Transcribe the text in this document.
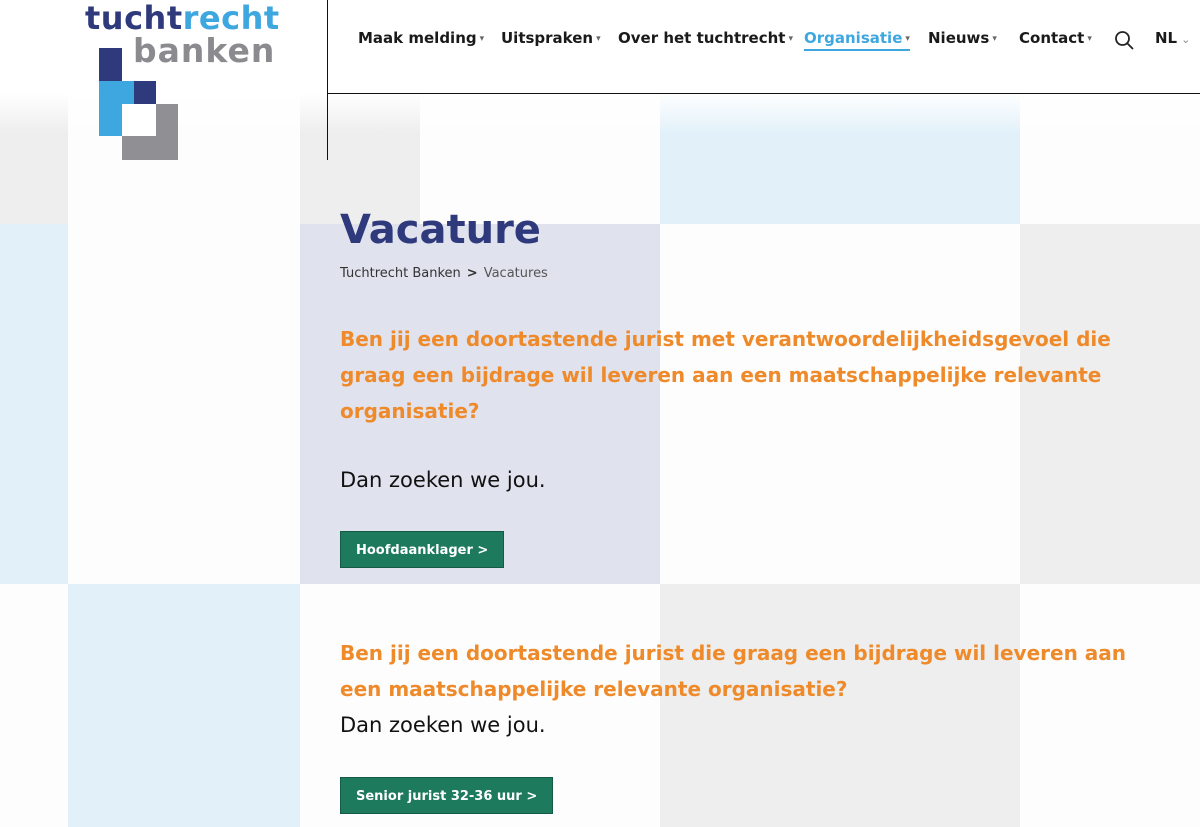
tuchtrecht
banken	Maak melding ▾ Uitspraken ▾ Over het tuchtrecht ▾ Organisatie ▾ Nieuws ▾ Contact ▾	NL ⌄
Vacature
Tuchtrecht Banken > Vacatures

Ben jij een doortastende jurist met verantwoordelijkheidsgevoel die graag een bijdrage wil leveren aan een maatschappelijke relevante organisatie?

Dan zoeken we jou.

Hoofdaanklager >

Ben jij een doortastende jurist die graag een bijdrage wil leveren aan een maatschappelijke relevante organisatie?

Dan zoeken we jou.

Senior jurist 32-36 uur >
